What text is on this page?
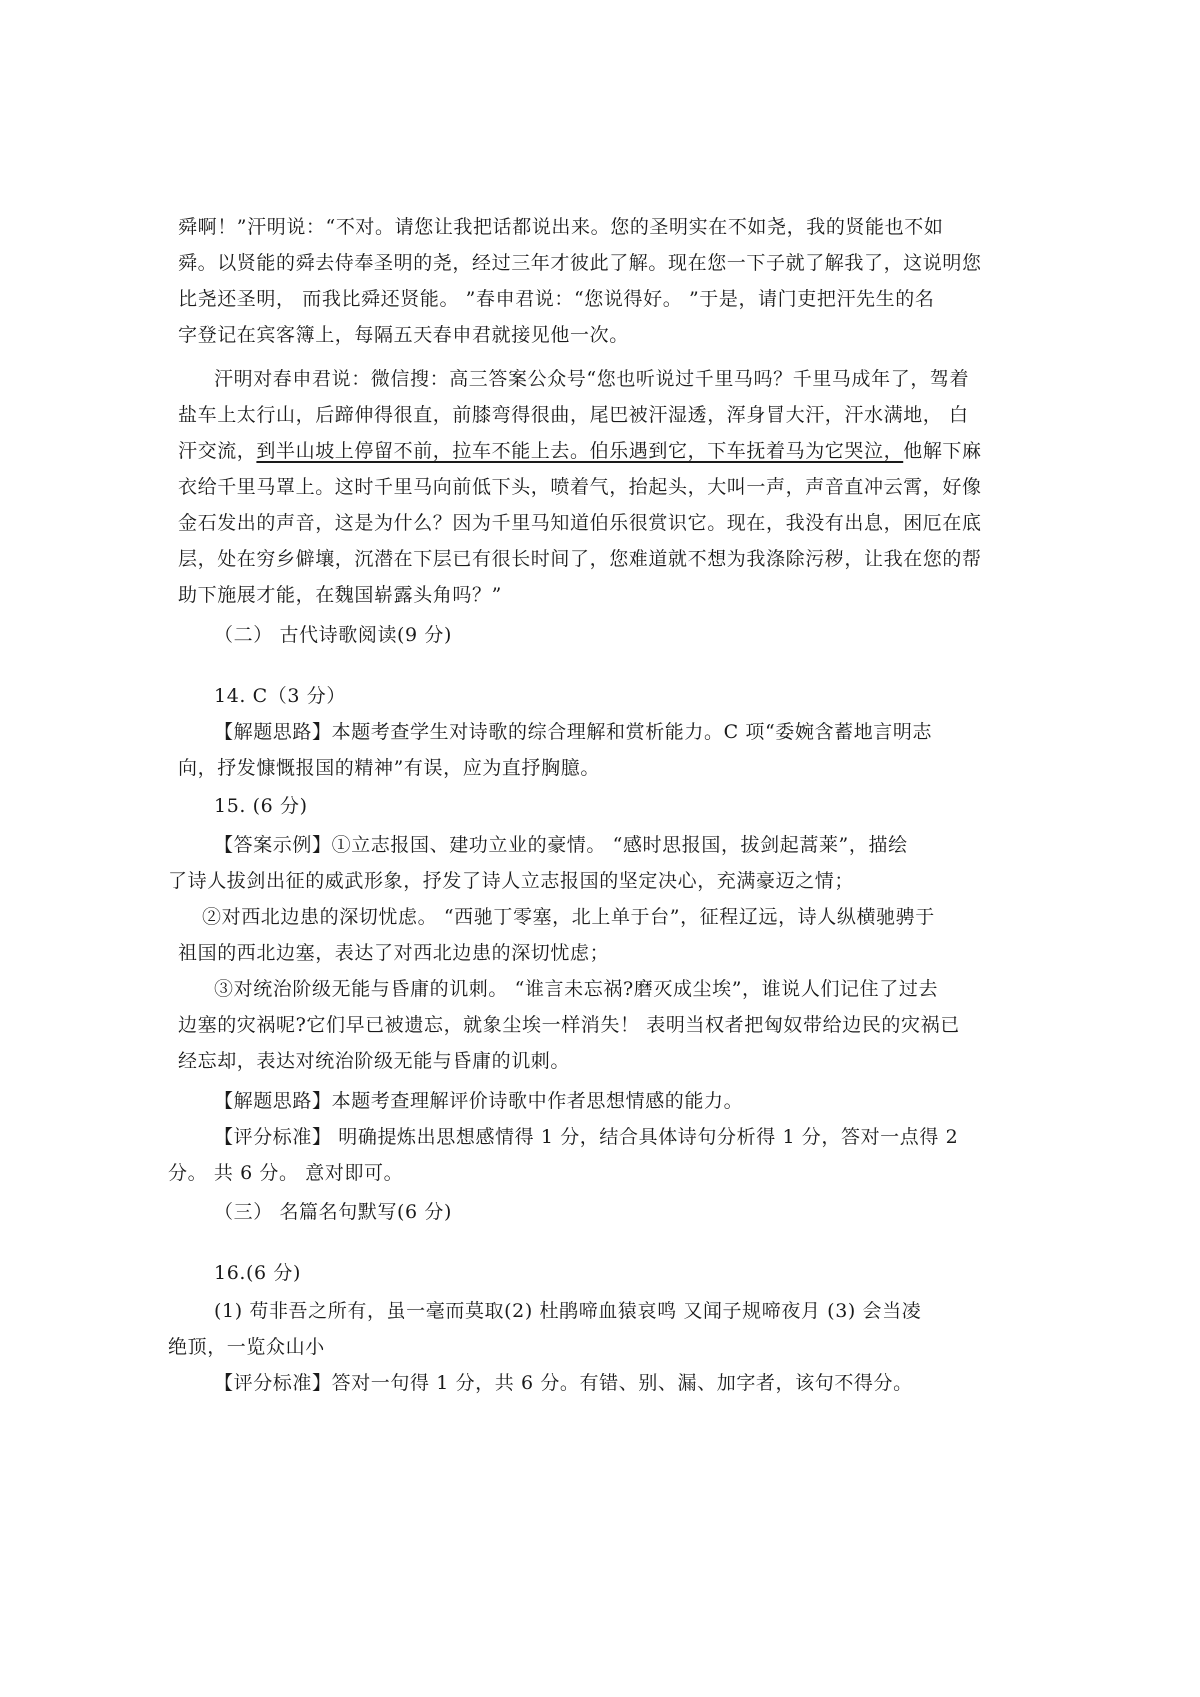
舜啊！”汗明说：“不对。请您让我把话都说出来。您的圣明实在不如尧，我的贤能也不如
舜。以贤能的舜去侍奉圣明的尧，经过三年才彼此了解。现在您一下子就了解我了，这说明您
比尧还圣明， 而我比舜还贤能。 ”春申君说：“您说得好。 ”于是，请门吏把汗先生的名
字登记在宾客簿上，每隔五天春申君就接见他一次。
汗明对春申君说：微信搜：高三答案公众号“您也听说过千里马吗？千里马成年了，驾着
盐车上太行山，后蹄伸得很直，前膝弯得很曲，尾巴被汗湿透，浑身冒大汗，汗水满地， 白
汗交流，到半山坡上停留不前，拉车不能上去。伯乐遇到它，下车抚着马为它哭泣，他解下麻
衣给千里马罩上。这时千里马向前低下头，喷着气，抬起头，大叫一声，声音直冲云霄，好像
金石发出的声音，这是为什么？因为千里马知道伯乐很赏识它。现在，我没有出息，困厄在底
层，处在穷乡僻壤，沉潜在下层已有很长时间了，您难道就不想为我涤除污秽，让我在您的帮
助下施展才能，在魏国崭露头角吗？”
（二） 古代诗歌阅读(9 分)
14. C（3 分）
【解题思路】本题考查学生对诗歌的综合理解和赏析能力。C 项“委婉含蓄地言明志
向，抒发慷慨报国的精神”有误，应为直抒胸臆。
15. (6 分)
【答案示例】①立志报国、建功立业的豪情。 “感时思报国，拔剑起蒿莱”，描绘
了诗人拔剑出征的威武形象，抒发了诗人立志报国的坚定决心，充满豪迈之情；
②对西北边患的深切忧虑。 “西驰丁零塞，北上单于台”，征程辽远，诗人纵横驰骋于
祖国的西北边塞，表达了对西北边患的深切忧虑；
③对统治阶级无能与昏庸的讥刺。 “谁言未忘祸?磨灭成尘埃”，谁说人们记住了过去
边塞的灾祸呢?它们早已被遗忘，就象尘埃一样消失！ 表明当权者把匈奴带给边民的灾祸已
经忘却，表达对统治阶级无能与昏庸的讥刺。
【解题思路】本题考查理解评价诗歌中作者思想情感的能力。
【评分标准】 明确提炼出思想感情得 1 分，结合具体诗句分析得 1 分，答对一点得 2
分。 共 6 分。 意对即可。
（三） 名篇名句默写(6 分)
16.(6 分)
(1) 苟非吾之所有，虽一毫而莫取(2) 杜鹃啼血猿哀鸣 又闻子规啼夜月 (3) 会当凌
绝顶，一览众山小
【评分标准】答对一句得 1 分，共 6 分。有错、别、漏、加字者，该句不得分。
